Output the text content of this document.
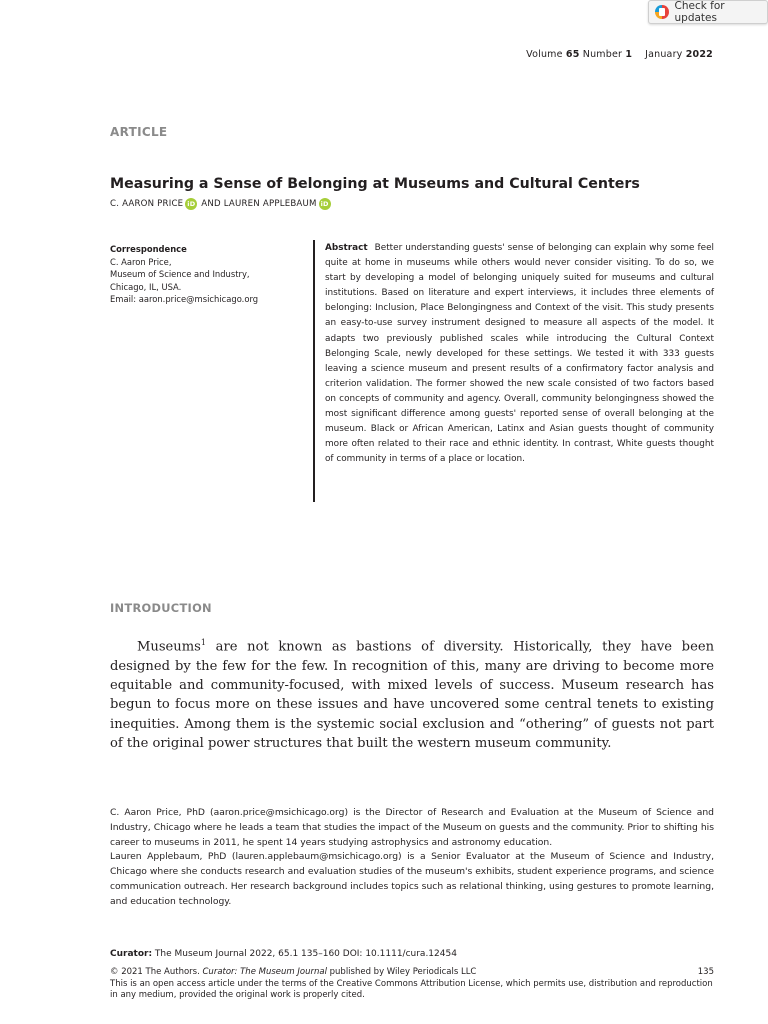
Check for updates
Volume 65 Number 1 January 2022
ARTICLE
Measuring a Sense of Belonging at Museums and Cultural Centers
C. AARON PRICE iD AND
LAUREN APPLEBAUM iD
Correspondence
C. Aaron Price,
Museum of Science and Industry,
Chicago, IL, USA.
Email: aaron.price@msichicago.org
Abstract Better understanding guests' sense of belonging can explain why some feel quite at home in museums while others would never consider visiting. To do so, we start by developing a model of belonging uniquely suited for museums and cultural institutions. Based on literature and expert interviews, it includes three elements of belonging: Inclusion, Place Belongingness and Context of the visit. This study presents an easy-to-use survey instrument designed to measure all aspects of the model. It adapts two previously published scales while introducing the Cultural Context Belonging Scale, newly developed for these settings. We tested it with 333 guests leaving a science museum and present results of a confirmatory factor analysis and criterion validation. The former showed the new scale consisted of two factors based on concepts of community and agency. Overall, community belongingness showed the most significant difference among guests' reported sense of overall belonging at the museum. Black or African American, Latinx and Asian guests thought of community more often related to their race and ethnic identity. In contrast, White guests thought of community in terms of a place or location.
INTRODUCTION
Museums$^1$ are not known as bastions of diversity. Historically, they have been designed by the few for the few. In recognition of this, many are driving to become more equitable and community-focused, with mixed levels of success. Museum research has begun to focus more on these issues and have uncovered some central tenets to existing inequities. Among them is the systemic social exclusion and “othering” of guests not part of the original power structures that built the western museum community.

C. Aaron Price, PhD (aaron.price@msichicago.org) is the Director of Research and Evaluation at the Museum of Science and Industry, Chicago where he leads a team that studies the impact of the Museum on guests and the community. Prior to shifting his career to museums in 2011, he spent 14 years studying astrophysics and astronomy education.

Lauren Applebaum, PhD (lauren.applebaum@msichicago.org) is a Senior Evaluator at the Museum of Science and Industry, Chicago where she conducts research and evaluation studies of the museum's exhibits, student experience programs, and science communication outreach. Her research background includes topics such as relational thinking, using gestures to promote learning, and education technology.

Curator: The Museum Journal 2022, 65.1 135–160 DOI: 10.1111/cura.12454
© 2021 The Authors. Curator: The Museum Journal published by Wiley Periodicals LLC	135
This is an open access article under the terms of the Creative Commons Attribution License, which permits use, distribution and reproduction in any medium, provided the original work is properly cited.
